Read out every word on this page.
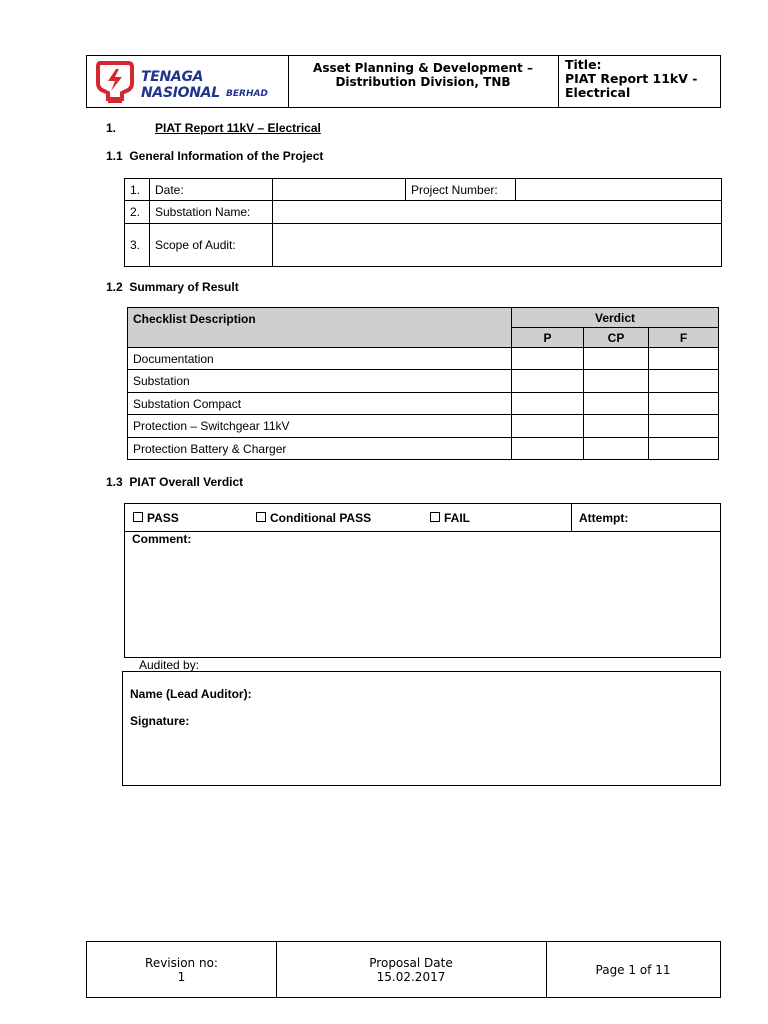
TENAGA
NASIONAL BERHAD
Asset Planning & Development –
Distribution Division, TNB
Title:
PIAT Report 11kV -
Electrical
1.	PIAT Report 11kV – Electrical
1.1  General Information of the Project
1.	Date:		Project Number:	
2.	Substation Name:			
3.	Scope of Audit:			
1.2  Summary of Result
Checklist Description	Verdict		
	P	CP	F
Documentation			
Substation			
Substation Compact			
Protection – Switchgear 11kV			
Protection Battery & Charger			
1.3  PIAT Overall Verdict
PASS	Conditional PASS	FAIL	Attempt:
Comment:
Audited by:
Name (Lead Auditor):
Signature:
Revision no:
1
Proposal Date
15.02.2017	Page 1 of 11
